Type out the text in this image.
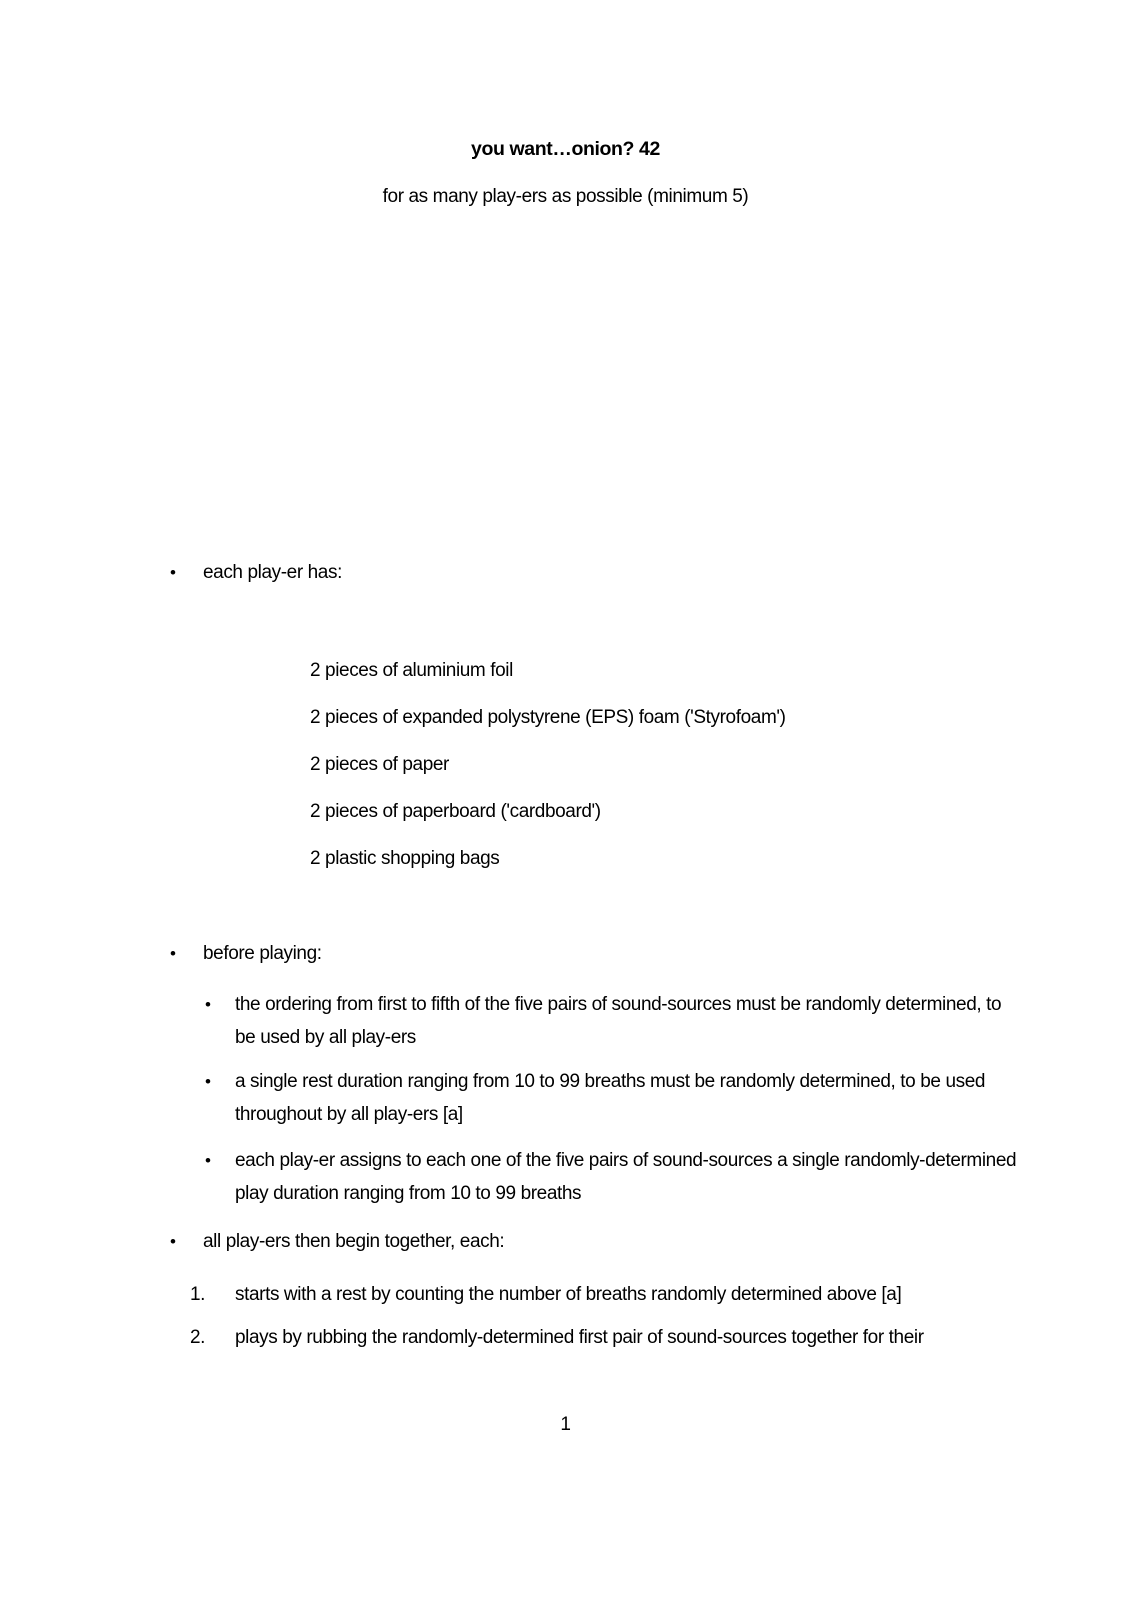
you want…onion? 42
for as many play-ers as possible (minimum 5)
•	each play-er has:
2 pieces of aluminium foil
2 pieces of expanded polystyrene (EPS) foam ('Styrofoam')
2 pieces of paper
2 pieces of paperboard ('cardboard')
2 plastic shopping bags
•	before playing:
•	the ordering from first to fifth of the five pairs of sound-sources must be randomly determined, to be used by all play-ers
•	a single rest duration ranging from 10 to 99 breaths must be randomly determined, to be used throughout by all play-ers [a]
•	each play-er assigns to each one of the five pairs of sound-sources a single randomly-determined play duration ranging from 10 to 99 breaths
•	all play-ers then begin together, each:
1.	starts with a rest by counting the number of breaths randomly determined above [a]
2.	plays by rubbing the randomly-determined first pair of sound-sources together for their
1
